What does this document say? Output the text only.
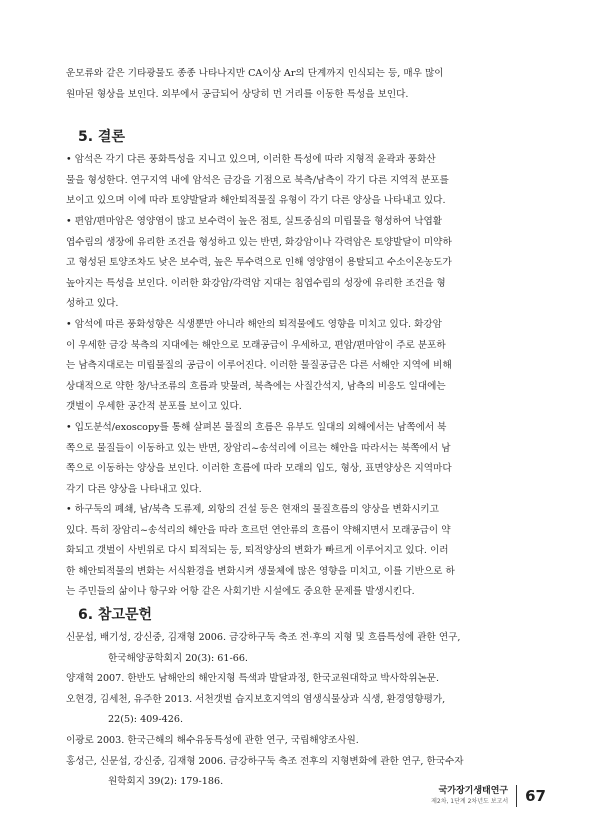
운모류와 같은 기타광물도 종종 나타나지만 CA이상 Ar의 단계까지 인식되는 등, 매우 많이
원마된 형상을 보인다. 외부에서 공급되어 상당히 먼 거리를 이동한 특성을 보인다.

5. 결론

• 암석은 각기 다른 풍화특성을 지니고 있으며, 이러한 특성에 따라 지형적 윤곽과 풍화산
물을 형성한다. 연구지역 내에 암석은 금강을 기점으로 북측/남측이 각기 다른 지역적 분포를
보이고 있으며 이에 따라 토양발달과 해안퇴적물질 유형이 각기 다른 양상을 나타내고 있다.

• 편암/편마암은 영양염이 많고 보수력이 높은 점토, 실트중심의 미립물을 형성하여 낙엽활
엽수림의 생장에 유리한 조건을 형성하고 있는 반면, 화강암이나 각력암은 토양발달이 미약하
고 형성된 토양조차도 낮은 보수력, 높은 투수력으로 인해 영양염이 용탈되고 수소이온농도가
높아지는 특성을 보인다. 이러한 화강암/각력암 지대는 침엽수림의 성장에 유리한 조건을 형
성하고 있다.

• 암석에 따른 풍화성향은 식생뿐만 아니라 해안의 퇴적물에도 영향을 미치고 있다. 화강암
이 우세한 금강 북측의 지대에는 해안으로 모래공급이 우세하고, 편암/편마암이 주로 분포하
는 남측지대로는 미립물질의 공급이 이루어진다. 이러한 물질공급은 다른 서해안 지역에 비해
상대적으로 약한 창/낙조류의 흐름과 맞물려, 북측에는 사질간석지, 남측의 비응도 일대에는
갯벌이 우세한 공간적 분포를 보이고 있다.

• 입도분석/exoscopy를 통해 살펴본 물질의 흐름은 유부도 일대의 외해에서는 남쪽에서 북
쪽으로 물질들이 이동하고 있는 반면, 장암리~송석리에 이르는 해안을 따라서는 북쪽에서 남
쪽으로 이동하는 양상을 보인다. 이러한 흐름에 따라 모래의 입도, 형상, 표면양상은 지역마다
각기 다른 양상을 나타내고 있다.

• 하구둑의 폐쇄, 남/북측 도류제, 외항의 건설 등은 현재의 물질흐름의 양상을 변화시키고
있다. 특히 장암리~송석리의 해안을 따라 흐르던 연안류의 흐름이 약해지면서 모래공급이 약
화되고 갯벌이 사빈위로 다시 퇴적되는 등, 퇴적양상의 변화가 빠르게 이루어지고 있다. 이러
한 해안퇴적물의 변화는 서식환경을 변화시켜 생물체에 많은 영향을 미치고, 이를 기반으로 하
는 주민들의 삶이나 항구와 어항 같은 사회기반 시설에도 중요한 문제를 발생시킨다.

6. 참고문헌
신문섭, 배기성, 강신중, 김재형 2006. 금강하구둑 축조 전·후의 지형 및 흐름특성에 관한 연구,
한국해양공학회지 20(3): 61-66.
양재혁 2007. 한반도 남해안의 해안지형 특색과 발달과정, 한국교원대학교 박사학위논문.
오현경, 김세천, 유주한 2013. 서천갯벌 습지보호지역의 염생식물상과 식생, 환경영향평가,
22(5): 409-426.
이광로 2003. 한국근해의 해수유동특성에 관한 연구, 국립해양조사원.
홍성근, 신문섭, 강신중, 김재형 2006. 금강하구둑 축조 전후의 지형변화에 관한 연구, 한국수자
원학회지 39(2): 179-186.
국가장기생태연구
제2차, 1단계 2차년도 보고서 67
